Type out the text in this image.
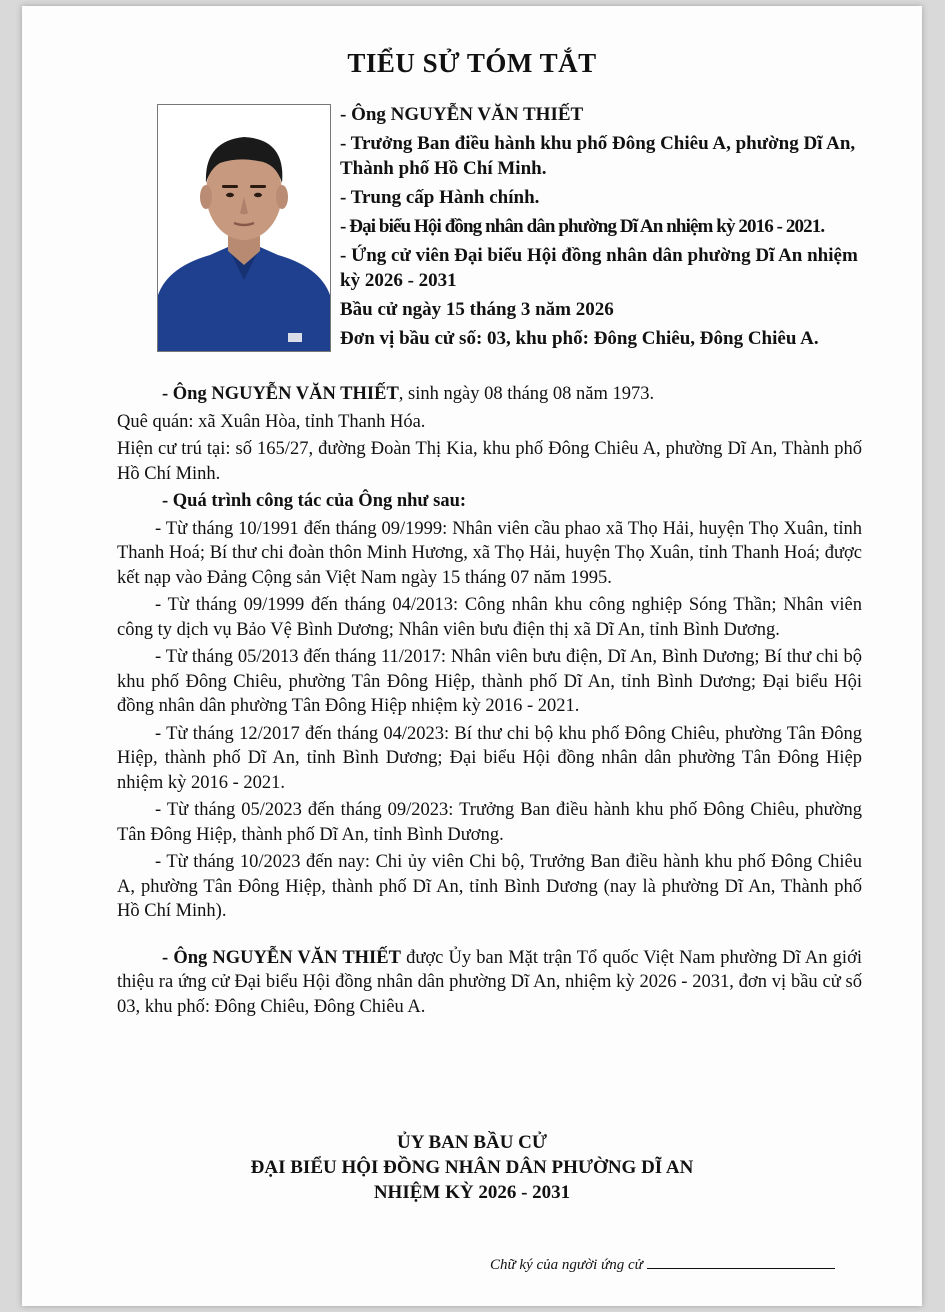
TIỂU SỬ TÓM TẮT
- Ông NGUYỄN VĂN THIẾT
- Trưởng Ban điều hành khu phố Đông Chiêu A, phường Dĩ An, Thành phố Hồ Chí Minh.
- Trung cấp Hành chính.
- Đại biểu Hội đồng nhân dân phường Dĩ An nhiệm kỳ 2016 - 2021.
- Ứng cử viên Đại biểu Hội đồng nhân dân phường Dĩ An nhiệm kỳ 2026 - 2031
Bầu cử ngày 15 tháng 3 năm 2026
Đơn vị bầu cử số: 03, khu phố: Đông Chiêu, Đông Chiêu A.

- Ông NGUYỄN VĂN THIẾT, sinh ngày 08 tháng 08 năm 1973.

Quê quán: xã Xuân Hòa, tỉnh Thanh Hóa.

Hiện cư trú tại: số 165/27, đường Đoàn Thị Kia, khu phố Đông Chiêu A, phường Dĩ An, Thành phố Hồ Chí Minh.

- Quá trình công tác của Ông như sau:

- Từ tháng 10/1991 đến tháng 09/1999: Nhân viên cầu phao xã Thọ Hải, huyện Thọ Xuân, tỉnh Thanh Hoá; Bí thư chi đoàn thôn Minh Hương, xã Thọ Hải, huyện Thọ Xuân, tỉnh Thanh Hoá; được kết nạp vào Đảng Cộng sản Việt Nam ngày 15 tháng 07 năm 1995.

- Từ tháng 09/1999 đến tháng 04/2013: Công nhân khu công nghiệp Sóng Thần; Nhân viên công ty dịch vụ Bảo Vệ Bình Dương; Nhân viên bưu điện thị xã Dĩ An, tỉnh Bình Dương.

- Từ tháng 05/2013 đến tháng 11/2017: Nhân viên bưu điện, Dĩ An, Bình Dương; Bí thư chi bộ khu phố Đông Chiêu, phường Tân Đông Hiệp, thành phố Dĩ An, tỉnh Bình Dương; Đại biểu Hội đồng nhân dân phường Tân Đông Hiệp nhiệm kỳ 2016 - 2021.

- Từ tháng 12/2017 đến tháng 04/2023: Bí thư chi bộ khu phố Đông Chiêu, phường Tân Đông Hiệp, thành phố Dĩ An, tỉnh Bình Dương; Đại biểu Hội đồng nhân dân phường Tân Đông Hiệp nhiệm kỳ 2016 - 2021.

- Từ tháng 05/2023 đến tháng 09/2023: Trưởng Ban điều hành khu phố Đông Chiêu, phường Tân Đông Hiệp, thành phố Dĩ An, tỉnh Bình Dương.

- Từ tháng 10/2023 đến nay: Chi ủy viên Chi bộ, Trưởng Ban điều hành khu phố Đông Chiêu A, phường Tân Đông Hiệp, thành phố Dĩ An, tỉnh Bình Dương (nay là phường Dĩ An, Thành phố Hồ Chí Minh).

- Ông NGUYỄN VĂN THIẾT được Ủy ban Mặt trận Tổ quốc Việt Nam phường Dĩ An giới thiệu ra ứng cử Đại biểu Hội đồng nhân dân phường Dĩ An, nhiệm kỳ 2026 - 2031, đơn vị bầu cử số 03, khu phố: Đông Chiêu, Đông Chiêu A.

ỦY BAN BẦU CỬ
ĐẠI BIỂU HỘI ĐỒNG NHÂN DÂN PHƯỜNG DĨ AN
NHIỆM KỲ 2026 - 2031
Chữ ký của người ứng cử
